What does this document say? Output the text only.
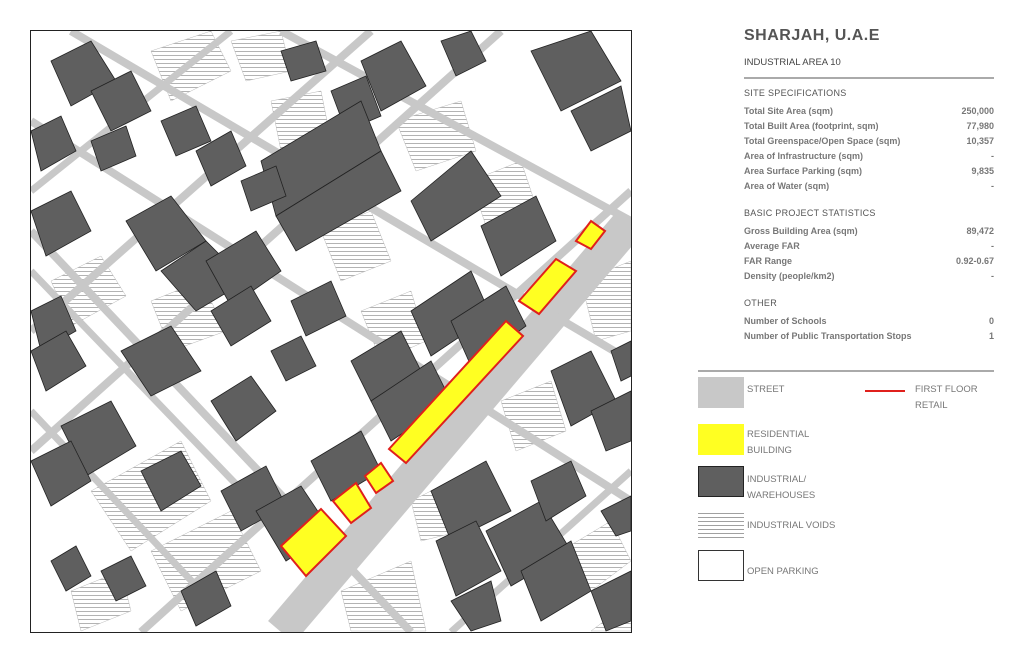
SHARJAH, U.A.E
INDUSTRIAL AREA 10
SITE SPECIFICATIONS
Total Site Area (sqm)	250,000
Total Built Area (footprint, sqm)	77,980
Total Greenspace/Open Space (sqm)	10,357
Area of Infrastructure (sqm)	-
Area Surface Parking (sqm)	9,835
Area of Water (sqm)	-
BASIC PROJECT STATISTICS
Gross Building Area (sqm)	89,472
Average FAR	-
FAR Range	0.92-0.67
Density (people/km2)	-
OTHER
Number of Schools	0
Number of Public Transportation Stops	1
STREET	FIRST FLOOR
RETAIL
RESIDENTIAL
BUILDING
INDUSTRIAL/
WAREHOUSES
INDUSTRIAL VOIDS
OPEN PARKING
